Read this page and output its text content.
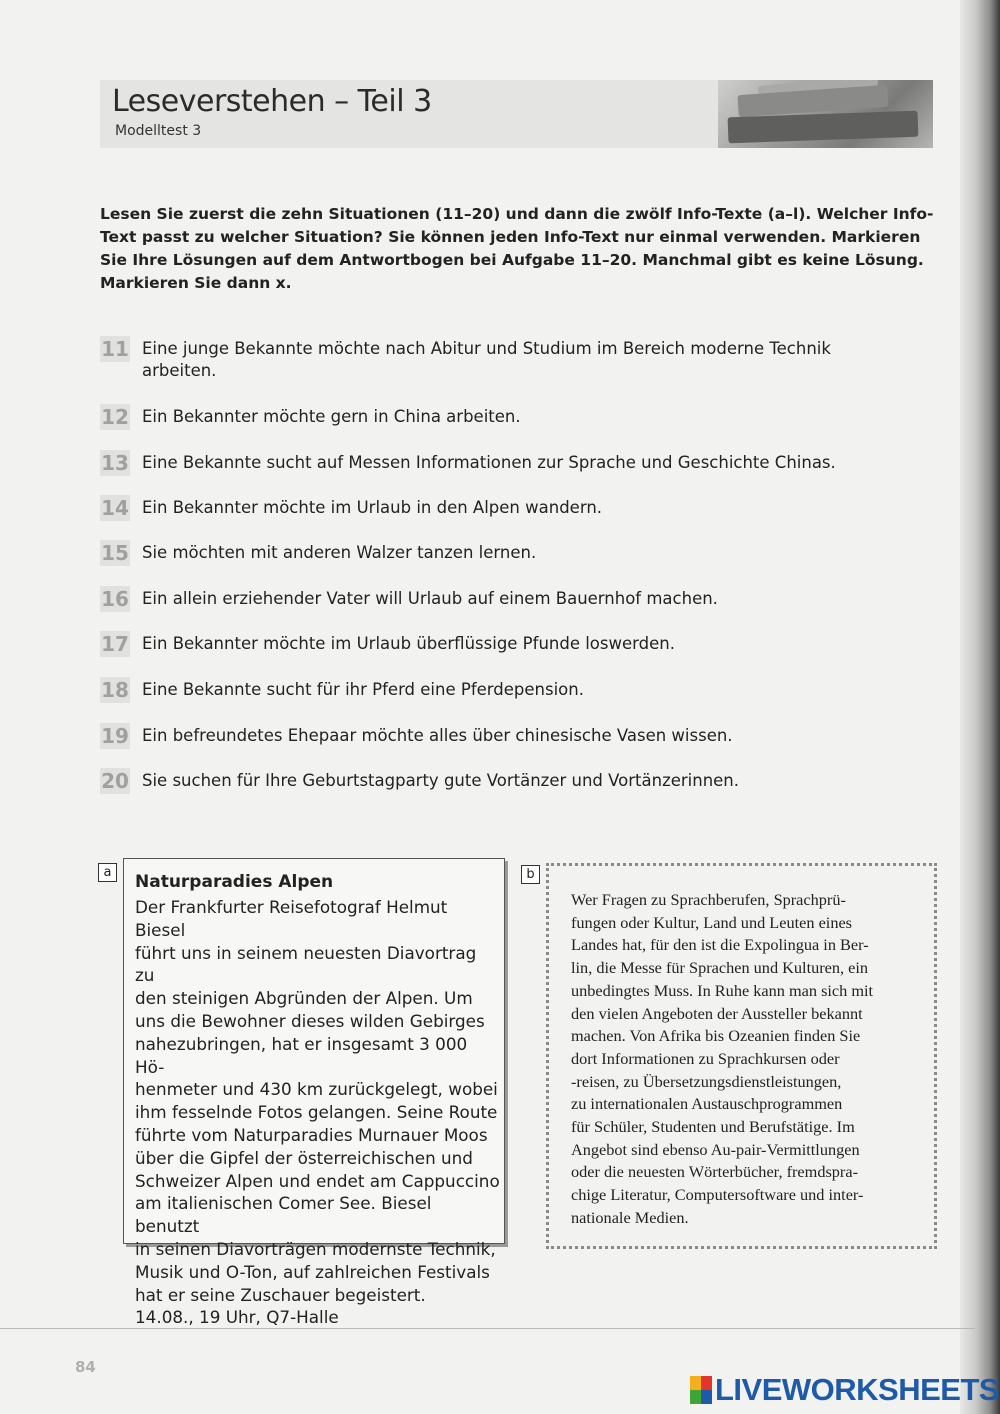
Leseverstehen – Teil 3
Modelltest 3
Lesen Sie zuerst die zehn Situationen (11–20) und dann die zwölf Info-Texte (a–l). Welcher Info-Text passt zu welcher Situation? Sie können jeden Info-Text nur einmal verwenden. Markieren Sie Ihre Lösungen auf dem Antwortbogen bei Aufgabe 11–20. Manchmal gibt es keine Lösung. Markieren Sie dann x.
11 Eine junge Bekannte möchte nach Abitur und Studium im Bereich moderne Technik arbeiten.
12 Ein Bekannter möchte gern in China arbeiten.
13 Eine Bekannte sucht auf Messen Informationen zur Sprache und Geschichte Chinas.
14 Ein Bekannter möchte im Urlaub in den Alpen wandern.
15 Sie möchten mit anderen Walzer tanzen lernen.
16 Ein allein erziehender Vater will Urlaub auf einem Bauernhof machen.
17 Ein Bekannter möchte im Urlaub überflüssige Pfunde loswerden.
18 Eine Bekannte sucht für ihr Pferd eine Pferdepension.
19 Ein befreundetes Ehepaar möchte alles über chinesische Vasen wissen.
20 Sie suchen für Ihre Geburtstagparty gute Vortänzer und Vortänzerinnen.
a	Naturparadies Alpen
Der Frankfurter Reisefotograf Helmut Biesel
führt uns in seinem neuesten Diavortrag zu
den steinigen Abgründen der Alpen. Um
uns die Bewohner dieses wilden Gebirges
nahezubringen, hat er insgesamt 3 000 Hö-
henmeter und 430 km zurückgelegt, wobei
ihm fesselnde Fotos gelangen. Seine Route
führte vom Naturparadies Murnauer Moos
über die Gipfel der österreichischen und
Schweizer Alpen und endet am Cappuccino
am italienischen Comer See. Biesel benutzt
in seinen Diavorträgen modernste Technik,
Musik und O-Ton, auf zahlreichen Festivals
hat er seine Zuschauer begeistert.
14.08., 19 Uhr, Q7-Halle
b
Wer Fragen zu Sprachberufen, Sprachprü-
fungen oder Kultur, Land und Leuten eines
Landes hat, für den ist die Expolingua in Ber-
lin, die Messe für Sprachen und Kulturen, ein
unbedingtes Muss. In Ruhe kann man sich mit
den vielen Angeboten der Aussteller bekannt
machen. Von Afrika bis Ozeanien finden Sie
dort Informationen zu Sprachkursen oder
-reisen, zu Übersetzungsdienstleistungen,
zu internationalen Austauschprogrammen
für Schüler, Studenten und Berufstätige. Im
Angebot sind ebenso Au-pair-Vermittlungen
oder die neuesten Wörterbücher, fremdspra-
chige Literatur, Computersoftware und inter-
nationale Medien.
84
LIVEWORKSHEETS
